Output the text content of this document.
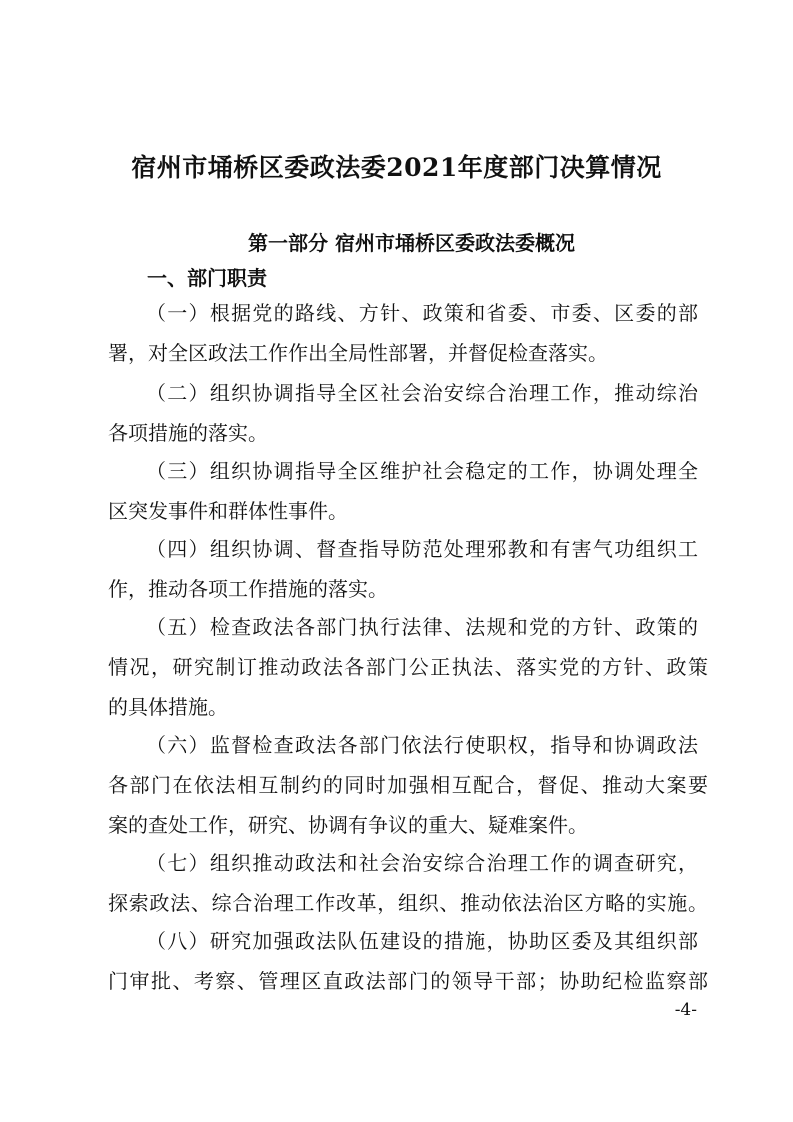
宿州市埇桥区委政法委2021年度部门决算情况
第一部分 宿州市埇桥区委政法委概况
一、部门职责

（一）根据党的路线、方针、政策和省委、市委、区委的部

署，对全区政法工作作出全局性部署，并督促检查落实。

（二）组织协调指导全区社会治安综合治理工作，推动综治

各项措施的落实。

（三）组织协调指导全区维护社会稳定的工作，协调处理全

区突发事件和群体性事件。

（四）组织协调、督查指导防范处理邪教和有害气功组织工

作，推动各项工作措施的落实。

（五）检查政法各部门执行法律、法规和党的方针、政策的

情况，研究制订推动政法各部门公正执法、落实党的方针、政策

的具体措施。

（六）监督检查政法各部门依法行使职权，指导和协调政法

各部门在依法相互制约的同时加强相互配合，督促、推动大案要

案的查处工作，研究、协调有争议的重大、疑难案件。

（七）组织推动政法和社会治安综合治理工作的调查研究，

探索政法、综合治理工作改革，组织、推动依法治区方略的实施。

（八）研究加强政法队伍建设的措施，协助区委及其组织部

门审批、考察、管理区直政法部门的领导干部；协助纪检监察部

-4-
